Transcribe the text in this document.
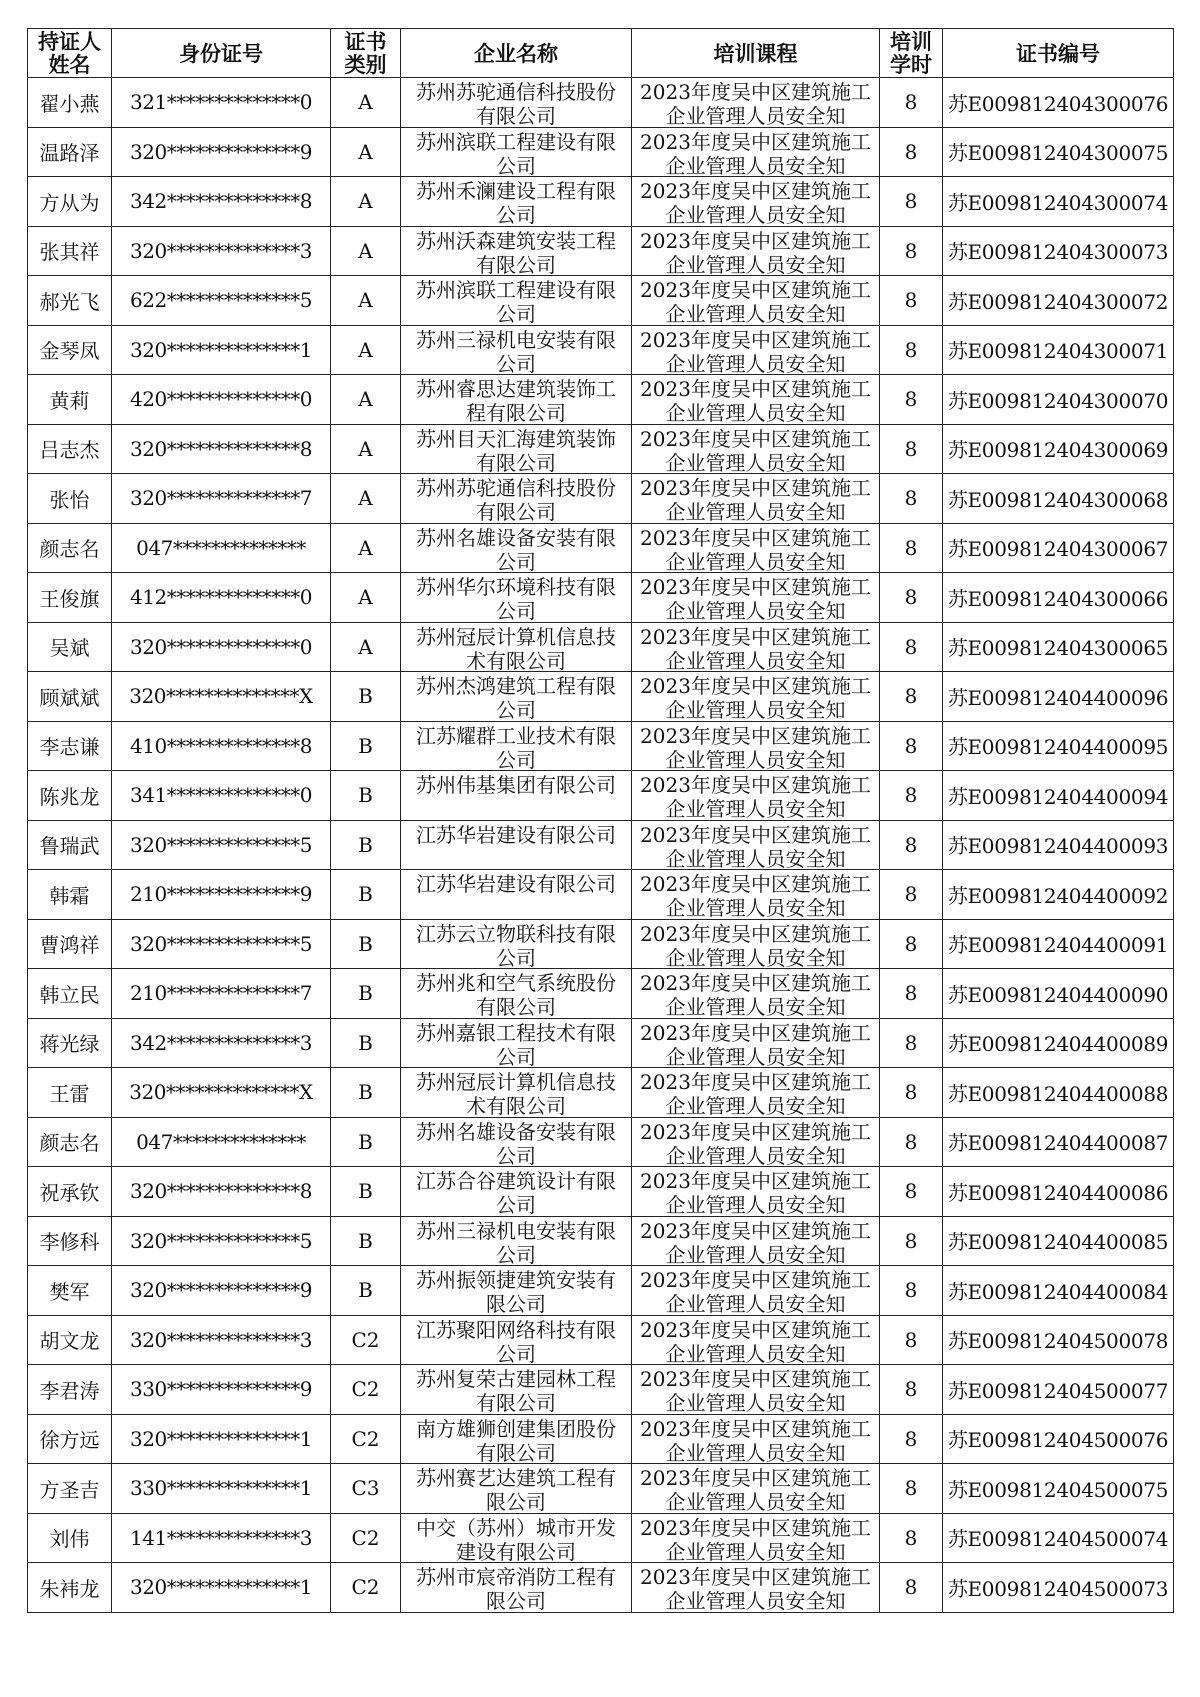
持证人姓名	身份证号	证书类别	企业名称	培训课程	培训学时	证书编号
翟小燕	321**************0	A	苏州苏驼通信科技股份有限公司	2023年度吴中区建筑施工企业管理人员安全知	8	苏E009812404300076
温路泽	320**************9	A	苏州滨联工程建设有限公司	2023年度吴中区建筑施工企业管理人员安全知	8	苏E009812404300075
方从为	342**************8	A	苏州禾澜建设工程有限公司	2023年度吴中区建筑施工企业管理人员安全知	8	苏E009812404300074
张其祥	320**************3	A	苏州沃森建筑安装工程有限公司	2023年度吴中区建筑施工企业管理人员安全知	8	苏E009812404300073
郝光飞	622**************5	A	苏州滨联工程建设有限公司	2023年度吴中区建筑施工企业管理人员安全知	8	苏E009812404300072
金琴凤	320**************1	A	苏州三禄机电安装有限公司	2023年度吴中区建筑施工企业管理人员安全知	8	苏E009812404300071
黄莉	420**************0	A	苏州睿思达建筑装饰工程有限公司	2023年度吴中区建筑施工企业管理人员安全知	8	苏E009812404300070
吕志杰	320**************8	A	苏州目天汇海建筑装饰有限公司	2023年度吴中区建筑施工企业管理人员安全知	8	苏E009812404300069
张怡	320**************7	A	苏州苏驼通信科技股份有限公司	2023年度吴中区建筑施工企业管理人员安全知	8	苏E009812404300068
颜志名	047**************	A	苏州名雄设备安装有限公司	2023年度吴中区建筑施工企业管理人员安全知	8	苏E009812404300067
王俊旗	412**************0	A	苏州华尔环境科技有限公司	2023年度吴中区建筑施工企业管理人员安全知	8	苏E009812404300066
吴斌	320**************0	A	苏州冠辰计算机信息技术有限公司	2023年度吴中区建筑施工企业管理人员安全知	8	苏E009812404300065
顾斌斌	320**************X	B	苏州杰鸿建筑工程有限公司	2023年度吴中区建筑施工企业管理人员安全知	8	苏E009812404400096
李志谦	410**************8	B	江苏耀群工业技术有限公司	2023年度吴中区建筑施工企业管理人员安全知	8	苏E009812404400095
陈兆龙	341**************0	B	苏州伟基集团有限公司	2023年度吴中区建筑施工企业管理人员安全知	8	苏E009812404400094
鲁瑞武	320**************5	B	江苏华岩建设有限公司	2023年度吴中区建筑施工企业管理人员安全知	8	苏E009812404400093
韩霜	210**************9	B	江苏华岩建设有限公司	2023年度吴中区建筑施工企业管理人员安全知	8	苏E009812404400092
曹鸿祥	320**************5	B	江苏云立物联科技有限公司	2023年度吴中区建筑施工企业管理人员安全知	8	苏E009812404400091
韩立民	210**************7	B	苏州兆和空气系统股份有限公司	2023年度吴中区建筑施工企业管理人员安全知	8	苏E009812404400090
蒋光绿	342**************3	B	苏州嘉银工程技术有限公司	2023年度吴中区建筑施工企业管理人员安全知	8	苏E009812404400089
王雷	320**************X	B	苏州冠辰计算机信息技术有限公司	2023年度吴中区建筑施工企业管理人员安全知	8	苏E009812404400088
颜志名	047**************	B	苏州名雄设备安装有限公司	2023年度吴中区建筑施工企业管理人员安全知	8	苏E009812404400087
祝承钦	320**************8	B	江苏合谷建筑设计有限公司	2023年度吴中区建筑施工企业管理人员安全知	8	苏E009812404400086
李修科	320**************5	B	苏州三禄机电安装有限公司	2023年度吴中区建筑施工企业管理人员安全知	8	苏E009812404400085
樊军	320**************9	B	苏州振领捷建筑安装有限公司	2023年度吴中区建筑施工企业管理人员安全知	8	苏E009812404400084
胡文龙	320**************3	C2	江苏聚阳网络科技有限公司	2023年度吴中区建筑施工企业管理人员安全知	8	苏E009812404500078
李君涛	330**************9	C2	苏州复荣古建园林工程有限公司	2023年度吴中区建筑施工企业管理人员安全知	8	苏E009812404500077
徐方远	320**************1	C2	南方雄狮创建集团股份有限公司	2023年度吴中区建筑施工企业管理人员安全知	8	苏E009812404500076
方圣吉	330**************1	C3	苏州赛艺达建筑工程有限公司	2023年度吴中区建筑施工企业管理人员安全知	8	苏E009812404500075
刘伟	141**************3	C2	中交（苏州）城市开发建设有限公司	2023年度吴中区建筑施工企业管理人员安全知	8	苏E009812404500074
朱袆龙	320**************1	C2	苏州市宸帝消防工程有限公司	2023年度吴中区建筑施工企业管理人员安全知	8	苏E009812404500073
